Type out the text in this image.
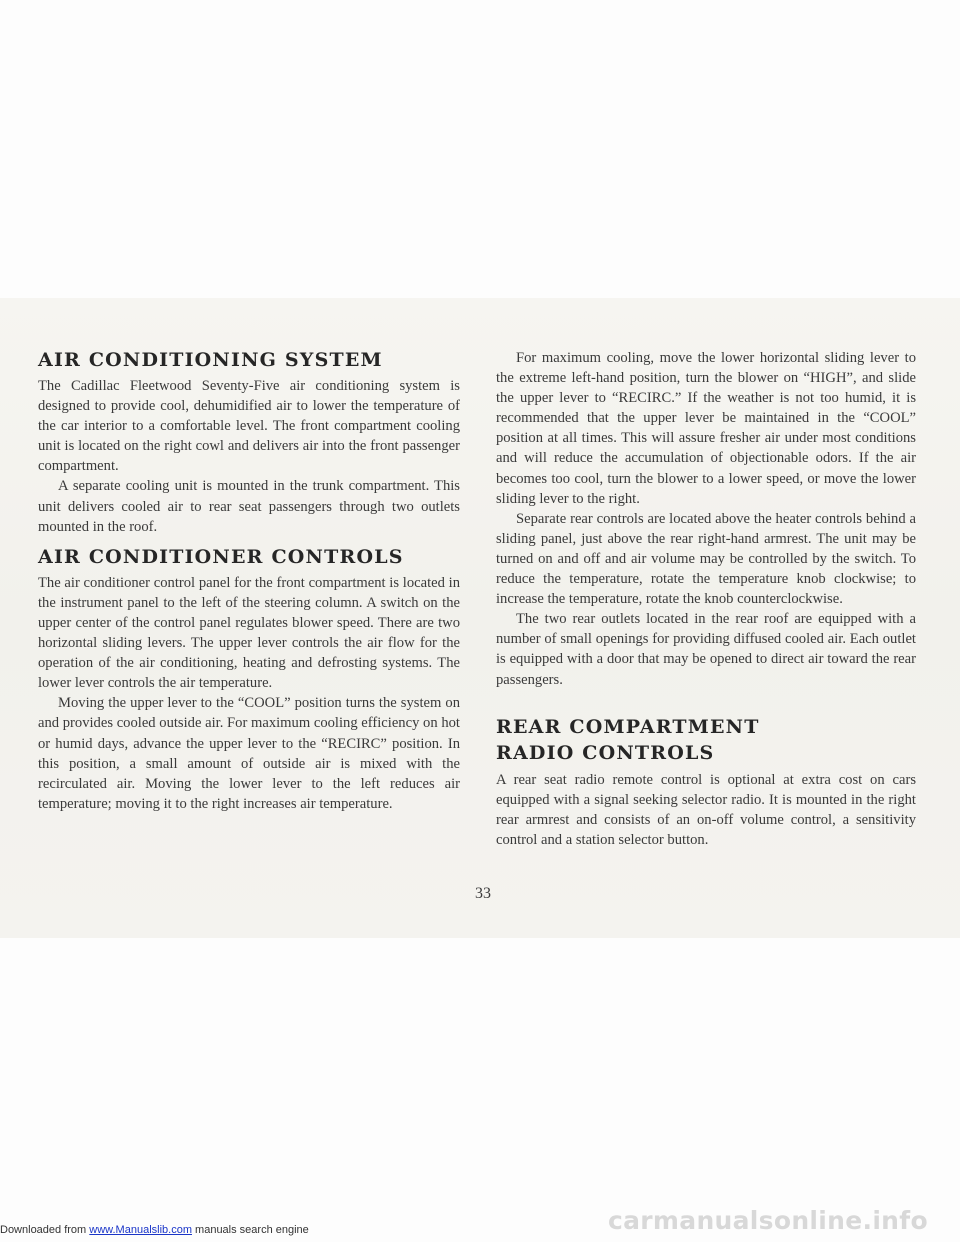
AIR CONDITIONING SYSTEM

The Cadillac Fleetwood Seventy-Five air conditioning system is designed to provide cool, dehumidified air to lower the temperature of the car interior to a comfortable level. The front compartment cooling unit is located on the right cowl and delivers air into the front passenger compartment.

A separate cooling unit is mounted in the trunk compartment. This unit delivers cooled air to rear seat passengers through two outlets mounted in the roof.

AIR CONDITIONER CONTROLS

The air conditioner control panel for the front compartment is located in the instrument panel to the left of the steering column. A switch on the upper center of the control panel regulates blower speed. There are two horizontal sliding levers. The upper lever controls the air flow for the operation of the air conditioning, heating and defrosting systems. The lower lever controls the air temperature.

Moving the upper lever to the “COOL” position turns the system on and provides cooled outside air. For maximum cooling efficiency on hot or humid days, advance the upper lever to the “RECIRC” position. In this position, a small amount of outside air is mixed with the recirculated air. Moving the lower lever to the left reduces air temperature; moving it to the right increases air temperature.

For maximum cooling, move the lower horizontal sliding lever to the extreme left-hand position, turn the blower on “HIGH”, and slide the upper lever to “RECIRC.” If the weather is not too humid, it is recommended that the upper lever be maintained in the “COOL” position at all times. This will assure fresher air under most conditions and will reduce the accumulation of objectionable odors. If the air becomes too cool, turn the blower to a lower speed, or move the lower sliding lever to the right.

Separate rear controls are located above the heater controls behind a sliding panel, just above the rear right-hand armrest. The unit may be turned on and off and air volume may be controlled by the switch. To reduce the temperature, rotate the temperature knob clockwise; to increase the temperature, rotate the knob counterclockwise.

The two rear outlets located in the rear roof are equipped with a number of small openings for providing diffused cooled air. Each outlet is equipped with a door that may be opened to direct air toward the rear passengers.

REAR COMPARTMENT
RADIO CONTROLS

A rear seat radio remote control is optional at extra cost on cars equipped with a signal seeking selector radio. It is mounted in the right rear armrest and consists of an on-off volume control, a sensitivity control and a station selector button.

33
carmanualsonline.info
Downloaded from www.Manualslib.com manuals search engine
